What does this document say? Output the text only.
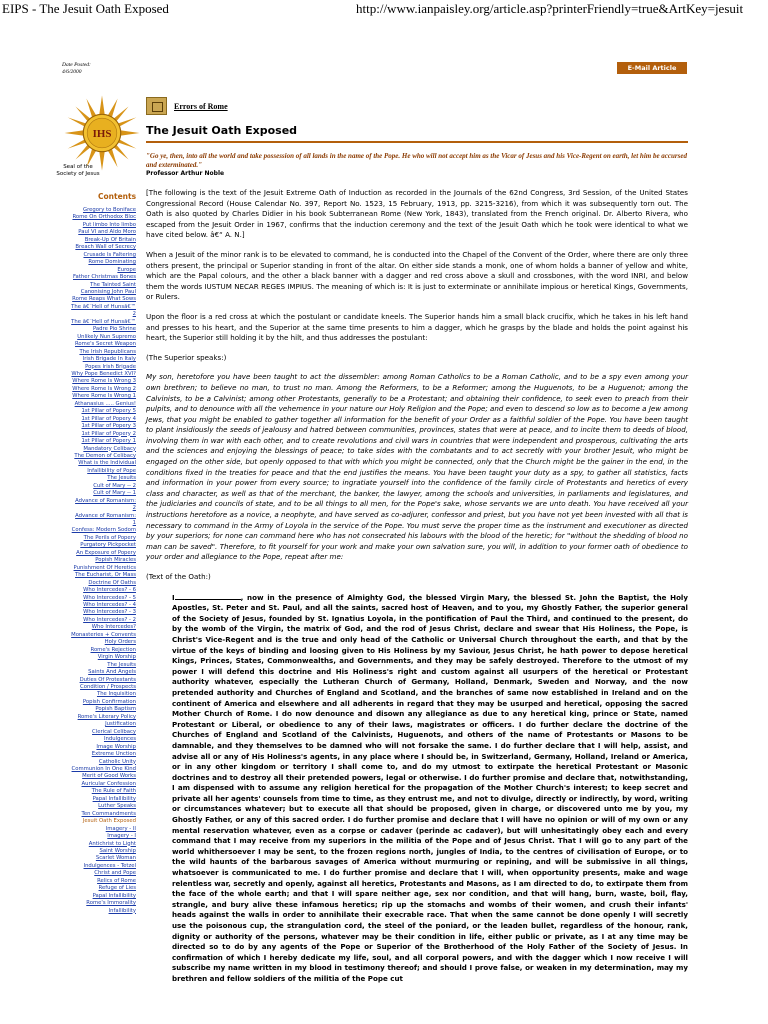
EIPS - The Jesuit Oath Exposed	http://www.ianpaisley.org/article.asp?printerFriendly=true&ArtKey=jesuit
Date Posted:
4/6/2000	E-Mail Article
IHS
Seal of the Society of Jesus
Errors of Rome
The Jesuit Oath Exposed
"Go ye, then, into all the world and take possession of all lands in the name of the Pope. He who will not accept him as the Vicar of Jesus and his Vice-Regent on earth, let him be accursed and exterminated."
Professor Arthur Noble
Contents
Gregory to Boniface
Rome On Orthodox Bloc
Put limbo Into limbo
Paul VI and Aldo Moro
Break-Up Of Britain
Breach Wall of Secrecy
Crusade Is Faltering
Rome Dominating
Europe
Father Christmas Bones
The Tainted Saint
Canonising John Paul
Rome Reaps What Sows
The â€˜Hell of Hunsâ€™
2
The â€˜Hell of Hunsâ€™
Padre Pio Shrine
Unlikely Nun Supremo
Rome's Secret Weapon
The Irish Republicans
Irish Brigade In Italy
Popes Irish Brigade
Why Pope Benedict XVI?
Where Rome Is Wrong 3
Where Rome Is Wrong 2
Where Rome Is Wrong 1
Athanasius ..... Genius!
1st Pillar of Popery 5
1st Pillar of Popery 4
1st Pillar of Popery 3
1st Pillar of Popery 2
1st Pillar of Popery 1
Mandatory Celibacy
The Demon of Celibacy
What is the Individual
Infallibility of Pope
The Jesuits
Cult of Mary -- 2
Cult of Mary -- 1
Advance of Romanism:
2
Advance of Romanism:
1
Confess: Modern Sodom
The Perils of Popery
Purgatory Pickpocket
An Exposure of Popery
Popish Miracles
Punishment Of Heretics
The Eucharist, Or Mass
Doctrine Of Oaths
Who Intercedes? - 6
Who Intercedes? - 5
Who Intercedes? - 4
Who Intercedes? - 3
Who Intercedes? - 2
Who Intercedes?
Monasteries + Convents
Holy Orders
Rome's Rejection
Virgin Worship
The Jesuits
Saints And Angels
Duties Of Protestants
Condition / Prospects
The Inquisition
Popish Confirmation
Popish Baptism
Rome's Literary Policy
Justification
Clerical Celibacy
Indulgences
Image Worship
Extreme Unction
Catholic Unity
Communion In One Kind
Merit of Good Works
Auricular Confession
The Rule of Faith
Papal Infallibility
Luther Speaks
Ten Commandments
Jesuit Oath Exposed
Imagery - II
Imagery - I
Antichrist to Light
Saint Worship
Scarlet Woman
Indulgences - Tetzel
Christ and Pope
Relics of Rome
Refuge of Lies
Papal Infallibility
Rome's Immorality
Infallibility

[The following is the text of the Jesuit Extreme Oath of Induction as recorded in the Journals of the 62nd Congress, 3rd Session, of the United States Congressional Record (House Calendar No. 397, Report No. 1523, 15 February, 1913, pp. 3215-3216), from which it was subsequently torn out. The Oath is also quoted by Charles Didier in his book Subterranean Rome (New York, 1843), translated from the French original. Dr. Alberto Rivera, who escaped from the Jesuit Order in 1967, confirms that the induction ceremony and the text of the Jesuit Oath which he took were identical to what we have cited below. â€“ A. N.]

When a Jesuit of the minor rank is to be elevated to command, he is conducted into the Chapel of the Convent of the Order, where there are only three others present, the principal or Superior standing in front of the altar. On either side stands a monk, one of whom holds a banner of yellow and white, which are the Papal colours, and the other a black banner with a dagger and red cross above a skull and crossbones, with the word INRI, and below them the words IUSTUM NECAR REGES IMPIUS. The meaning of which is: It is just to exterminate or annihilate impious or heretical Kings, Governments, or Rulers.

Upon the floor is a red cross at which the postulant or candidate kneels. The Superior hands him a small black crucifix, which he takes in his left hand and presses to his heart, and the Superior at the same time presents to him a dagger, which he grasps by the blade and holds the point against his heart, the Superior still holding it by the hilt, and thus addresses the postulant:

(The Superior speaks:)

My son, heretofore you have been taught to act the dissembler: among Roman Catholics to be a Roman Catholic, and to be a spy even among your own brethren; to believe no man, to trust no man. Among the Reformers, to be a Reformer; among the Huguenots, to be a Huguenot; among the Calvinists, to be a Calvinist; among other Protestants, generally to be a Protestant; and obtaining their confidence, to seek even to preach from their pulpits, and to denounce with all the vehemence in your nature our Holy Religion and the Pope; and even to descend so low as to become a Jew among Jews, that you might be enabled to gather together all information for the benefit of your Order as a faithful soldier of the Pope. You have been taught to plant insidiously the seeds of jealousy and hatred between communities, provinces, states that were at peace, and to incite them to deeds of blood, involving them in war with each other, and to create revolutions and civil wars in countries that were independent and prosperous, cultivating the arts and the sciences and enjoying the blessings of peace; to take sides with the combatants and to act secretly with your brother Jesuit, who might be engaged on the other side, but openly opposed to that with which you might be connected, only that the Church might be the gainer in the end, in the conditions fixed in the treaties for peace and that the end justifies the means. You have been taught your duty as a spy, to gather all statistics, facts and information in your power from every source; to ingratiate yourself into the confidence of the family circle of Protestants and heretics of every class and character, as well as that of the merchant, the banker, the lawyer, among the schools and universities, in parliaments and legislatures, and the judiciaries and councils of state, and to be all things to all men, for the Pope's sake, whose servants we are unto death. You have received all your instructions heretofore as a novice, a neophyte, and have served as co-adjurer, confessor and priest, but you have not yet been invested with all that is necessary to command in the Army of Loyola in the service of the Pope. You must serve the proper time as the instrument and executioner as directed by your superiors; for none can command here who has not consecrated his labours with the blood of the heretic; for "without the shedding of blood no man can be saved". Therefore, to fit yourself for your work and make your own salvation sure, you will, in addition to your former oath of obedience to your order and allegiance to the Pope, repeat after me:

(Text of the Oath:)

I	, now in the presence of Almighty God, the blessed Virgin Mary, the blessed St. John the Baptist, the Holy Apostles, St. Peter and St. Paul, and all the saints, sacred host of Heaven, and to you, my Ghostly Father, the superior general of the Society of Jesus, founded by St. Ignatius Loyola, in the pontification of Paul the Third, and continued to the present, do by the womb of the Virgin, the matrix of God, and the rod of Jesus Christ, declare and swear that His Holiness, the Pope, is Christ's Vice-Regent and is the true and only head of the Catholic or Universal Church throughout the earth, and that by the virtue of the keys of binding and loosing given to His Holiness by my Saviour, Jesus Christ, he hath power to depose heretical Kings, Princes, States, Commonwealths, and Governments, and they may be safely destroyed. Therefore to the utmost of my power I will defend this doctrine and His Holiness's right and custom against all usurpers of the heretical or Protestant authority whatever, especially the Lutheran Church of Germany, Holland, Denmark, Sweden and Norway, and the now pretended authority and Churches of England and Scotland, and the branches of same now established in Ireland and on the continent of America and elsewhere and all adherents in regard that they may be usurped and heretical, opposing the sacred Mother Church of Rome. I do now denounce and disown any allegiance as due to any heretical king, prince or State, named Protestant or Liberal, or obedience to any of their laws, magistrates or officers. I do further declare the doctrine of the Churches of England and Scotland of the Calvinists, Huguenots, and others of the name of Protestants or Masons to be damnable, and they themselves to be damned who will not forsake the same. I do further declare that I will help, assist, and advise all or any of His Holiness's agents, in any place where I should be, in Switzerland, Germany, Holland, Ireland or America, or in any other kingdom or territory I shall come to, and do my utmost to extirpate the heretical Protestant or Masonic doctrines and to destroy all their pretended powers, legal or otherwise. I do further promise and declare that, notwithstanding, I am dispensed with to assume any religion heretical for the propagation of the Mother Church's interest; to keep secret and private all her agents' counsels from time to time, as they entrust me, and not to divulge, directly or indirectly, by word, writing or circumstances whatever; but to execute all that should be proposed, given in charge, or discovered unto me by you, my Ghostly Father, or any of this sacred order. I do further promise and declare that I will have no opinion or will of my own or any mental reservation whatever, even as a corpse or cadaver (perinde ac cadaver), but will unhesitatingly obey each and every command that I may receive from my superiors in the militia of the Pope and of Jesus Christ. That I will go to any part of the world whithersoever I may be sent, to the frozen regions north, jungles of India, to the centres of civilisation of Europe, or to the wild haunts of the barbarous savages of America without murmuring or repining, and will be submissive in all things, whatsoever is communicated to me. I do further promise and declare that I will, when opportunity presents, make and wage relentless war, secretly and openly, against all heretics, Protestants and Masons, as I am directed to do, to extirpate them from the face of the whole earth; and that I will spare neither age, sex nor condition, and that will hang, burn, waste, boil, flay, strangle, and bury alive these infamous heretics; rip up the stomachs and wombs of their women, and crush their infants' heads against the walls in order to annihilate their execrable race. That when the same cannot be done openly I will secretly use the poisonous cup, the strangulation cord, the steel of the poniard, or the leaden bullet, regardless of the honour, rank, dignity or authority of the persons, whatever may be their condition in life, either public or private, as I at any time may be directed so to do by any agents of the Pope or Superior of the Brotherhood of the Holy Father of the Society of Jesus. In confirmation of which I hereby dedicate my life, soul, and all corporal powers, and with the dagger which I now receive I will subscribe my name written in my blood in testimony thereof; and should I prove false, or weaken in my determination, may my brethren and fellow soldiers of the militia of the Pope cut
